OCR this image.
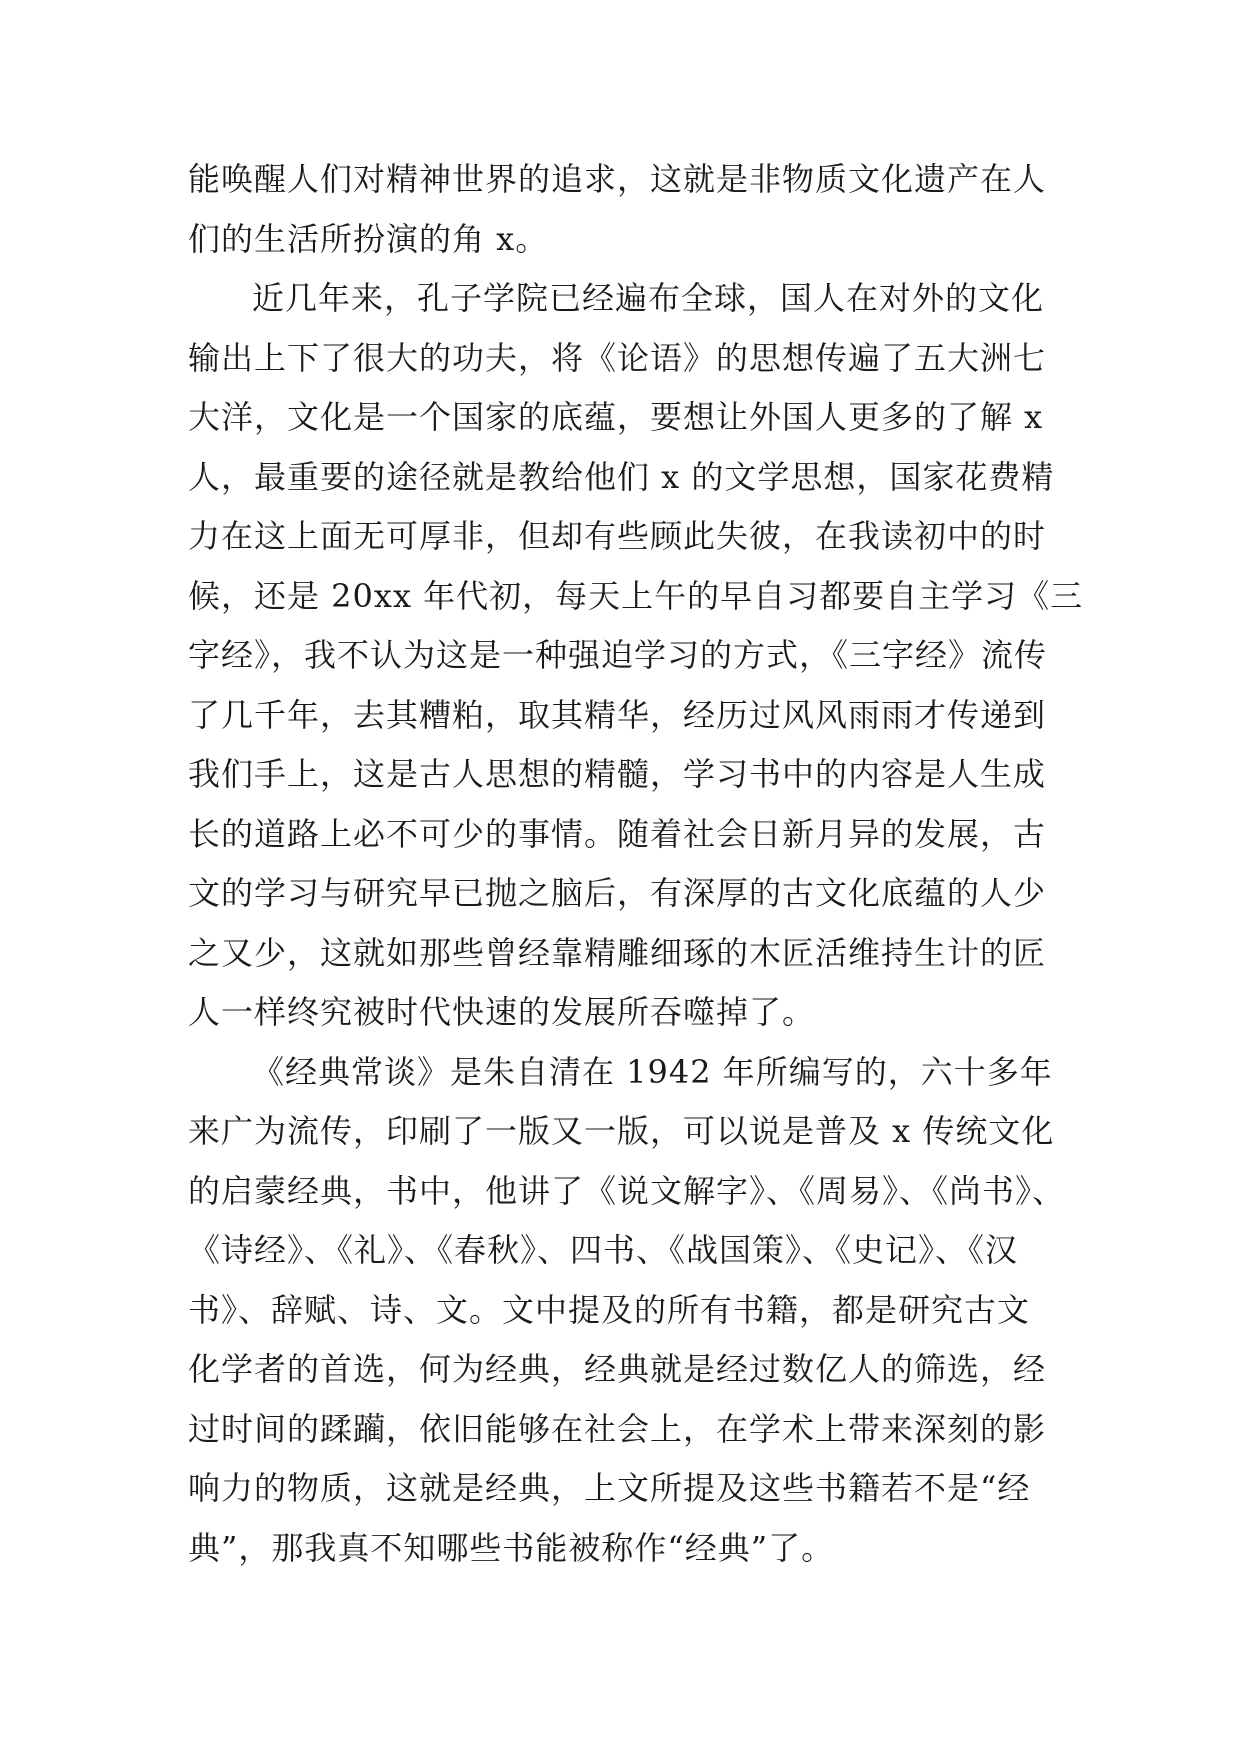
能唤醒人们对精神世界的追求，这就是非物质文化遗产在人
们的生活所扮演的角 x。
近几年来，孔子学院已经遍布全球，国人在对外的文化
输出上下了很大的功夫，将《论语》的思想传遍了五大洲七
大洋，文化是一个国家的底蕴，要想让外国人更多的了解 x
人，最重要的途径就是教给他们 x 的文学思想，国家花费精
力在这上面无可厚非，但却有些顾此失彼，在我读初中的时
候，还是 20xx 年代初，每天上午的早自习都要自主学习《三
字经》，我不认为这是一种强迫学习的方式，《三字经》流传
了几千年，去其糟粕，取其精华，经历过风风雨雨才传递到
我们手上，这是古人思想的精髓，学习书中的内容是人生成
长的道路上必不可少的事情。随着社会日新月异的发展，古
文的学习与研究早已抛之脑后，有深厚的古文化底蕴的人少
之又少，这就如那些曾经靠精雕细琢的木匠活维持生计的匠
人一样终究被时代快速的发展所吞噬掉了。
《经典常谈》是朱自清在 1942 年所编写的，六十多年
来广为流传，印刷了一版又一版，可以说是普及 x 传统文化
的启蒙经典，书中，他讲了《说文解字》、《周易》、《尚书》、
《诗经》、《礼》、《春秋》、四书、《战国策》、《史记》、《汉
书》、辞赋、诗、文。文中提及的所有书籍，都是研究古文
化学者的首选，何为经典，经典就是经过数亿人的筛选，经
过时间的蹂躏，依旧能够在社会上，在学术上带来深刻的影
响力的物质，这就是经典，上文所提及这些书籍若不是“经
典”，那我真不知哪些书能被称作“经典”了。
